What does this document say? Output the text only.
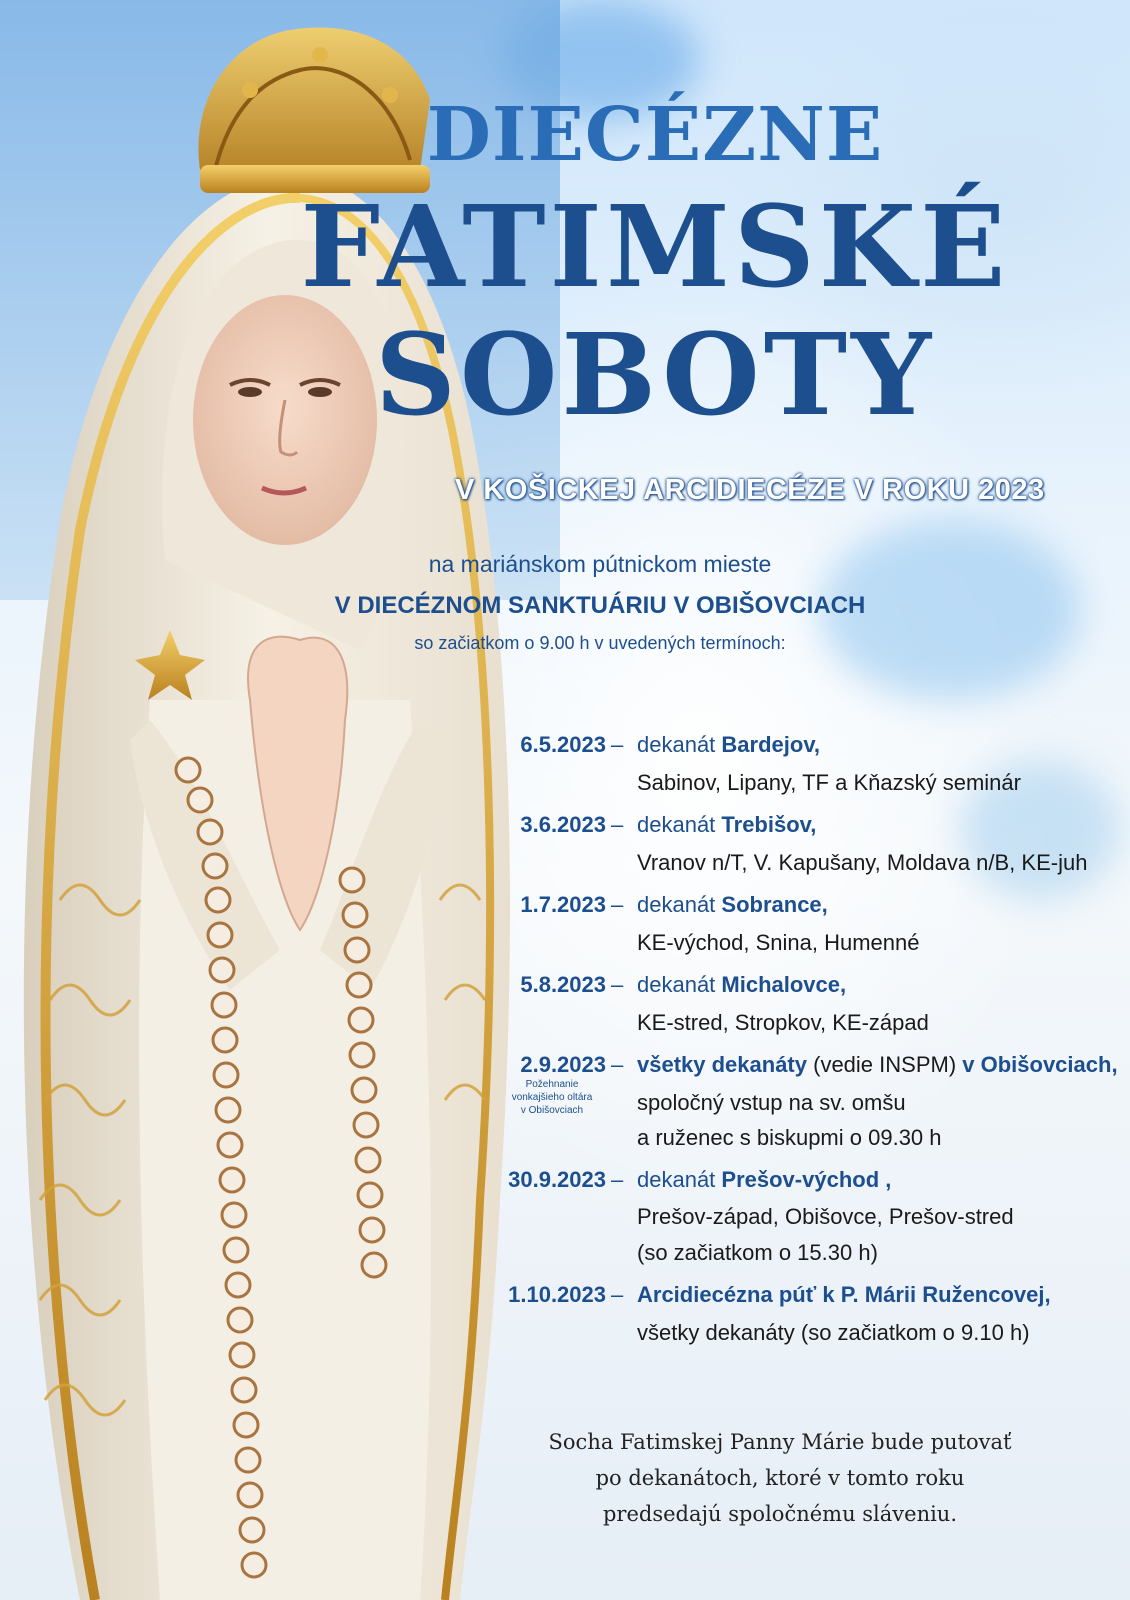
DIECÉZNE
FATIMSKÉ
SOBOTY
V KOŠICKEJ ARCIDIECÉZE V ROKU 2023
na mariánskom pútnickom mieste
V DIECÉZNOM SANKTUÁRIU V OBIŠOVCIACH
so začiatkom o 9.00 h v uvedených termínoch:
6.5.2023 – dekanát Bardejov,
Sabinov, Lipany, TF a Kňazský seminár
3.6.2023 – dekanát Trebišov,
Vranov n/T, V. Kapušany, Moldava n/B, KE-juh
1.7.2023 – dekanát Sobrance,
KE-východ, Snina, Humenné
5.8.2023 – dekanát Michalovce,
KE-stred, Stropkov, KE-západ
2.9.2023 – všetky dekanáty (vedie INSPM) v Obišovciach,
spoločný vstup na sv. omšu
a ruženec s biskupmi o 09.30 h
30.9.2023 – dekanát Prešov-východ ,
Prešov-západ, Obišovce, Prešov-stred
(so začiatkom o 15.30 h)
1.10.2023 – Arcidiecézna púť k P. Márii Ružencovej,
všetky dekanáty (so začiatkom o 9.10 h)
Požehnanie
vonkajšieho oltára
v Obišovciach
Socha Fatimskej Panny Márie bude putovať
po dekanátoch, ktoré v tomto roku
predsedajú spoločnému sláveniu.
